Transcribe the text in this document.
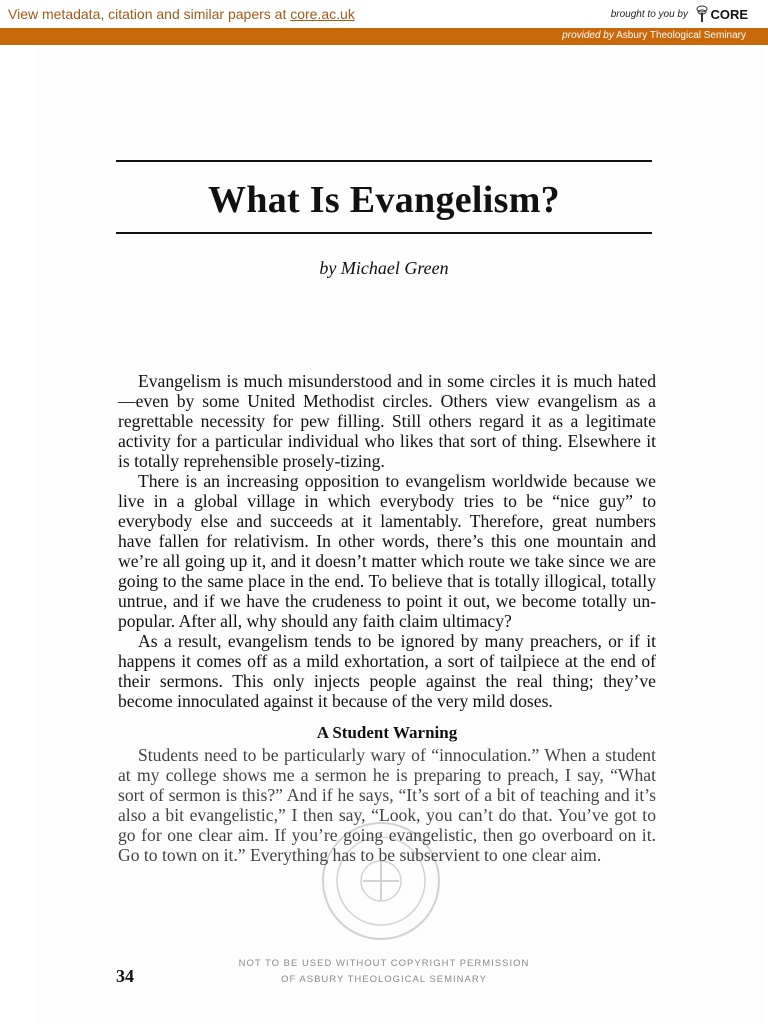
View metadata, citation and similar papers at core.ac.uk	brought to you by CORE
provided by Asbury Theological Seminary
What Is Evangelism?
by Michael Green

Evangelism is much misunderstood and in some circles it is much hated—even by some United Methodist circles. Others view evangelism as a regrettable necessity for pew filling. Still others regard it as a legitimate activity for a particular individual who likes that sort of thing. Elsewhere it is totally reprehensible prosely-tizing.

There is an increasing opposition to evangelism worldwide because we live in a global village in which everybody tries to be “nice guy” to everybody else and succeeds at it lamentably. Therefore, great numbers have fallen for relativism. In other words, there’s this one mountain and we’re all going up it, and it doesn’t matter which route we take since we are going to the same place in the end. To believe that is totally illogical, totally untrue, and if we have the crudeness to point it out, we become totally un-popular. After all, why should any faith claim ultimacy?

As a result, evangelism tends to be ignored by many preachers, or if it happens it comes off as a mild exhortation, a sort of tailpiece at the end of their sermons. This only injects people against the real thing; they’ve become innoculated against it because of the very mild doses.

A Student Warning

Students need to be particularly wary of “innoculation.” When a student at my college shows me a sermon he is preparing to preach, I say, “What sort of sermon is this?” And if he says, “It’s sort of a bit of teaching and it’s also a bit evangelistic,” I then say, “Look, you can’t do that. You’ve got to go for one clear aim. If you’re going evangelistic, then go overboard on it. Go to town on it.” Everything has to be subservient to one clear aim.

34
NOT TO BE USED WITHOUT COPYRIGHT PERMISSION
OF ASBURY THEOLOGICAL SEMINARY
